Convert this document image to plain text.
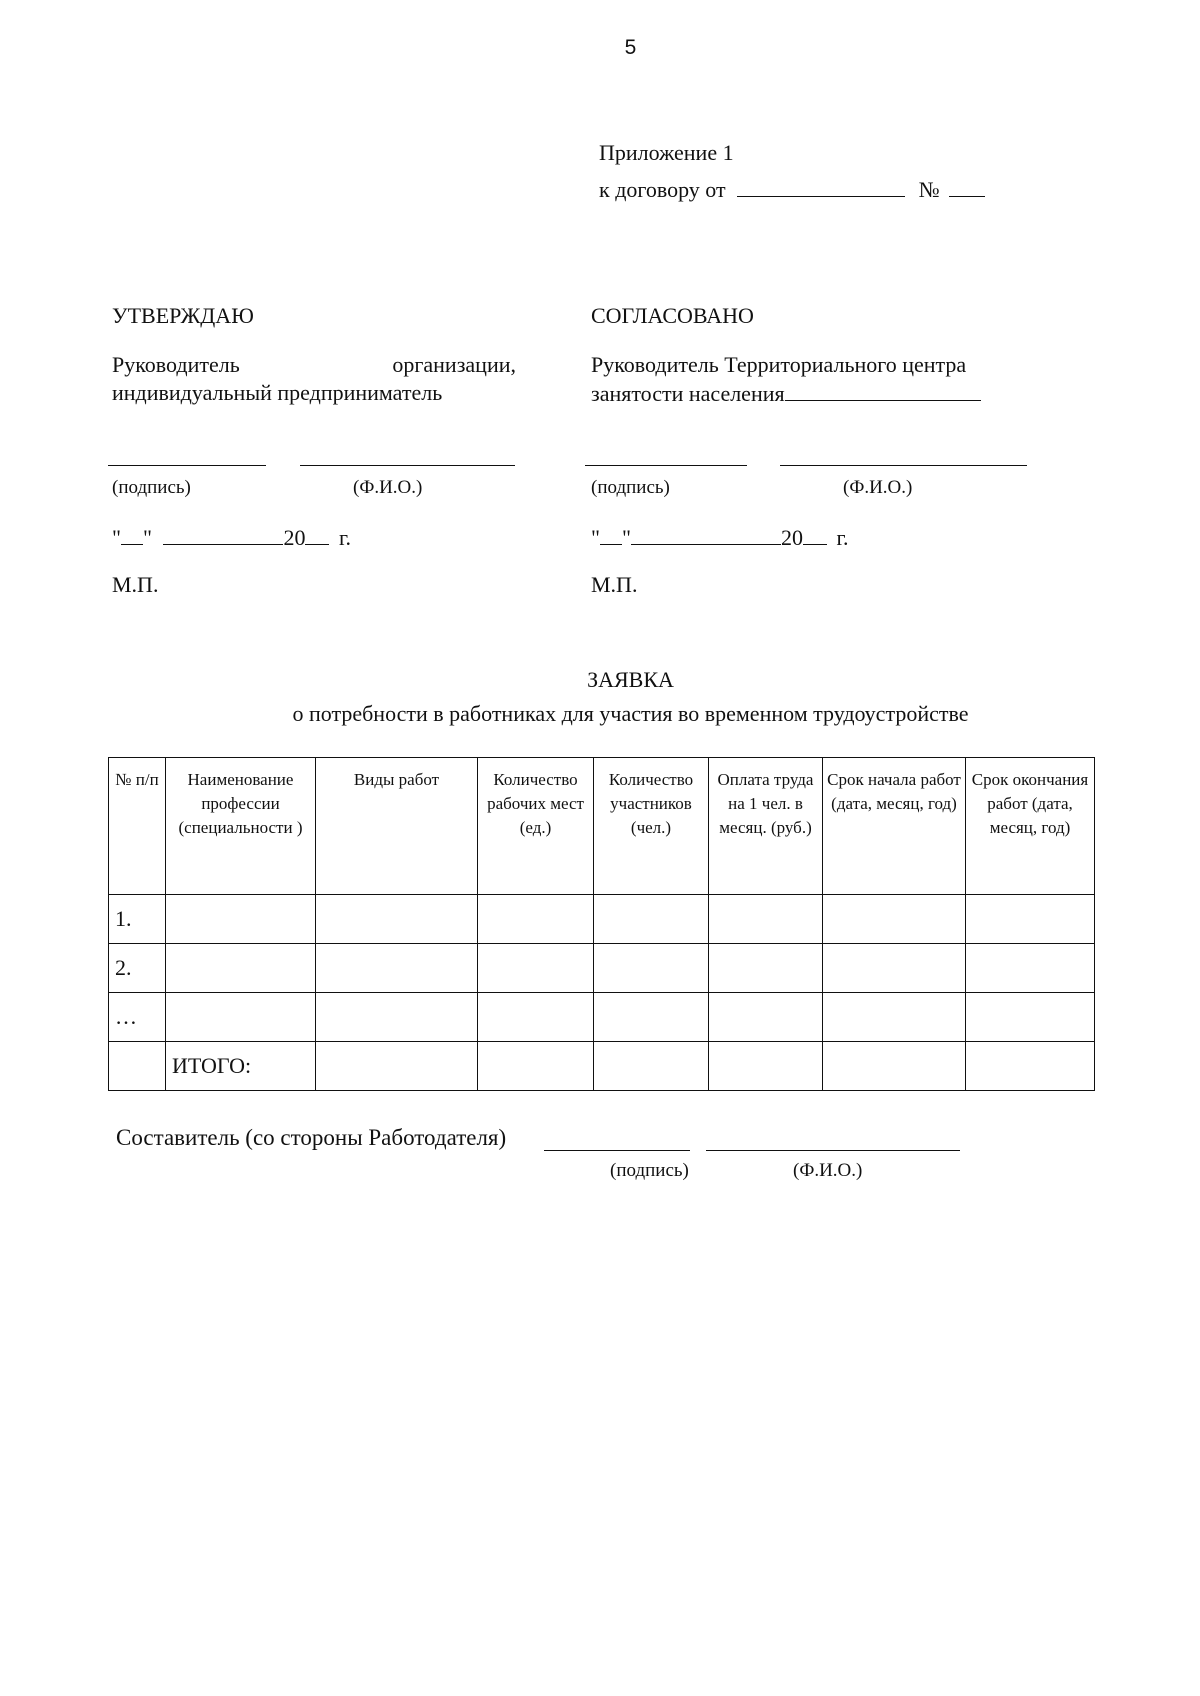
5
Приложение 1
к договору от	№
УТВЕРЖДАЮ
Руководитель	организации,
индивидуальный предприниматель
(подпись)	(Ф.И.О.)
" "	20 г.
М.П.
СОГЛАСОВАНО
Руководитель Территориального центра
занятости населения
(подпись)	(Ф.И.О.)
" "	20 г.
М.П.
ЗАЯВКА
о потребности в работниках для участия во временном трудоустройстве
№ п/п	Наименование профессии (специальности )	Виды работ	Количество рабочих мест (ед.)	Количество участников (чел.)	Оплата труда на 1 чел. в месяц. (руб.)	Срок начала работ (дата, месяц, год)	Срок окончания работ (дата, месяц, год)
1.							
2.							
…							
	ИТОГО:						
Составитель (со стороны Работодателя)
(подпись)	(Ф.И.О.)
